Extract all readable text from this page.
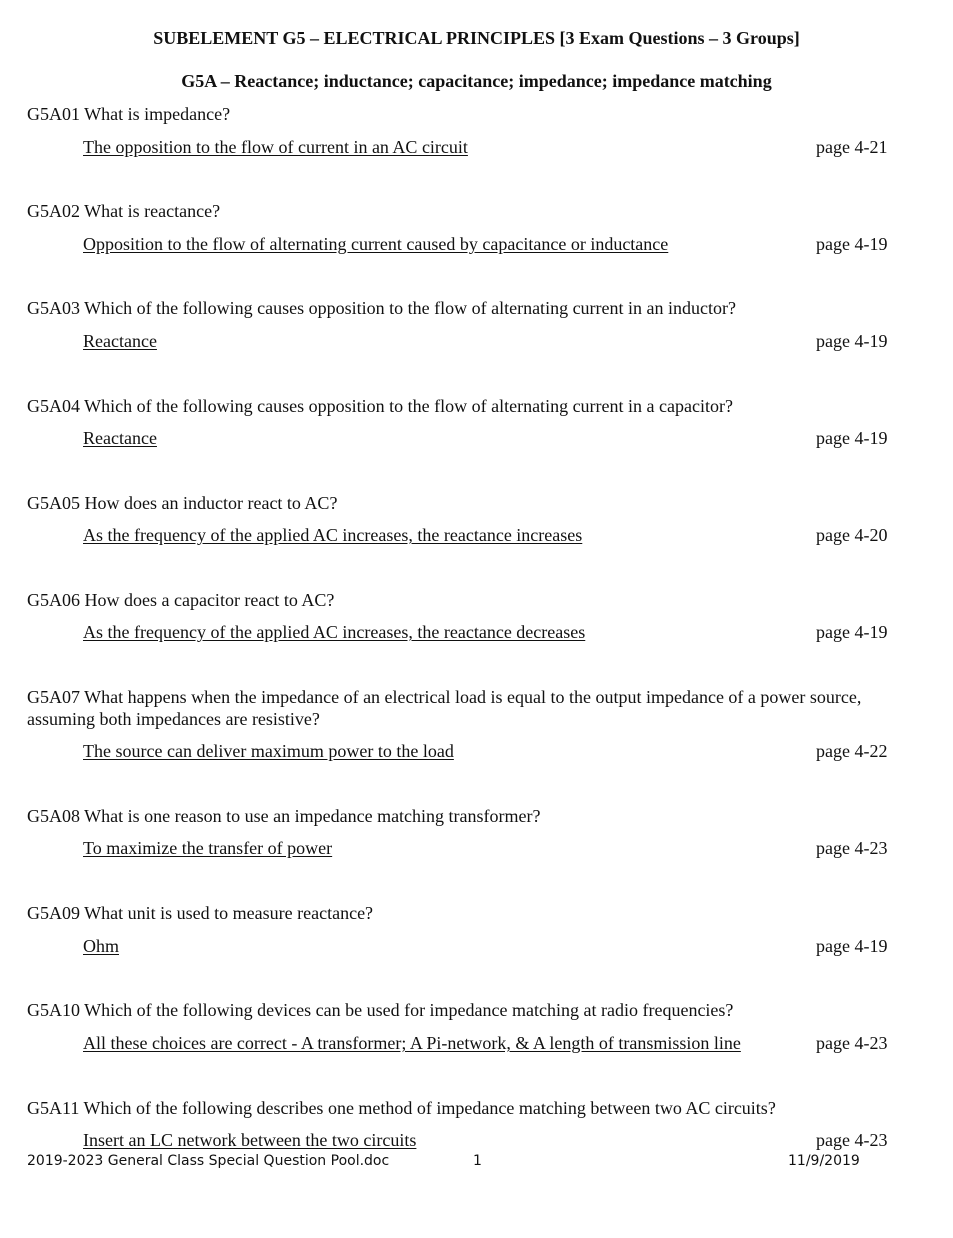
SUBELEMENT G5 – ELECTRICAL PRINCIPLES [3 Exam Questions – 3 Groups]
G5A – Reactance; inductance; capacitance; impedance; impedance matching
G5A01 What is impedance?
The opposition to the flow of current in an AC circuit	page 4-21
G5A02 What is reactance?
Opposition to the flow of alternating current caused by capacitance or inductance	page 4-19
G5A03 Which of the following causes opposition to the flow of alternating current in an inductor?
Reactance	page 4-19
G5A04 Which of the following causes opposition to the flow of alternating current in a capacitor?
Reactance	page 4-19
G5A05 How does an inductor react to AC?
As the frequency of the applied AC increases, the reactance increases	page 4-20
G5A06 How does a capacitor react to AC?
As the frequency of the applied AC increases, the reactance decreases	page 4-19
G5A07 What happens when the impedance of an electrical load is equal to the output impedance of a power source, assuming both impedances are resistive?
The source can deliver maximum power to the load	page 4-22
G5A08 What is one reason to use an impedance matching transformer?
To maximize the transfer of power	page 4-23
G5A09 What unit is used to measure reactance?
Ohm	page 4-19
G5A10 Which of the following devices can be used for impedance matching at radio frequencies?
All these choices are correct - A transformer; A Pi-network, & A length of transmission line	page 4-23
G5A11 Which of the following describes one method of impedance matching between two AC circuits?
Insert an LC network between the two circuits	page 4-23
2019-2023 General Class Special Question Pool.doc	1	11/9/2019
